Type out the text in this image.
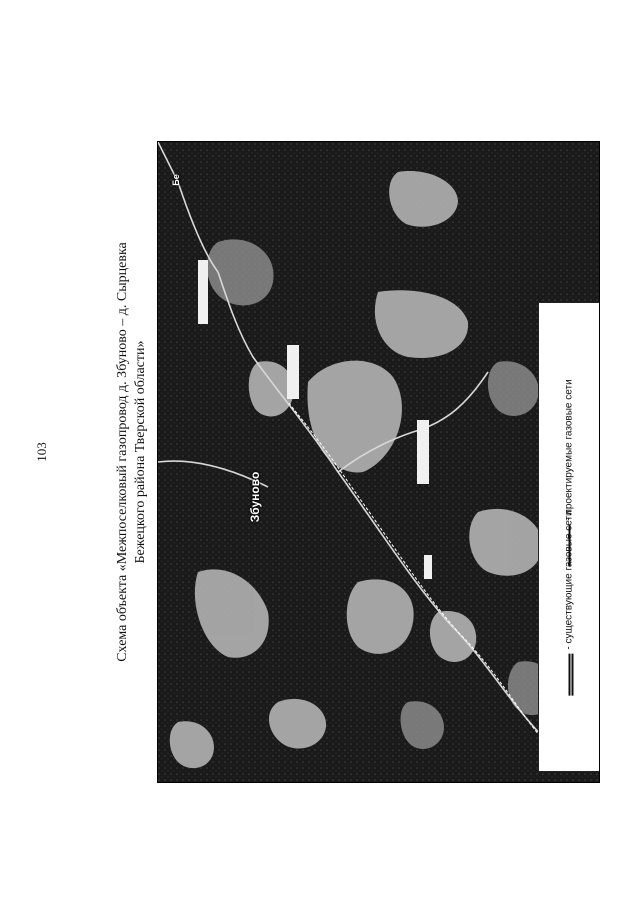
103	Схема объекта «Межпоселковый газопровод д. Збуново – д. Сырцевка Бежецкого района Тверской области»	Збуново
Бе
- проектируемые газовые сети
- существующие газовые сети
